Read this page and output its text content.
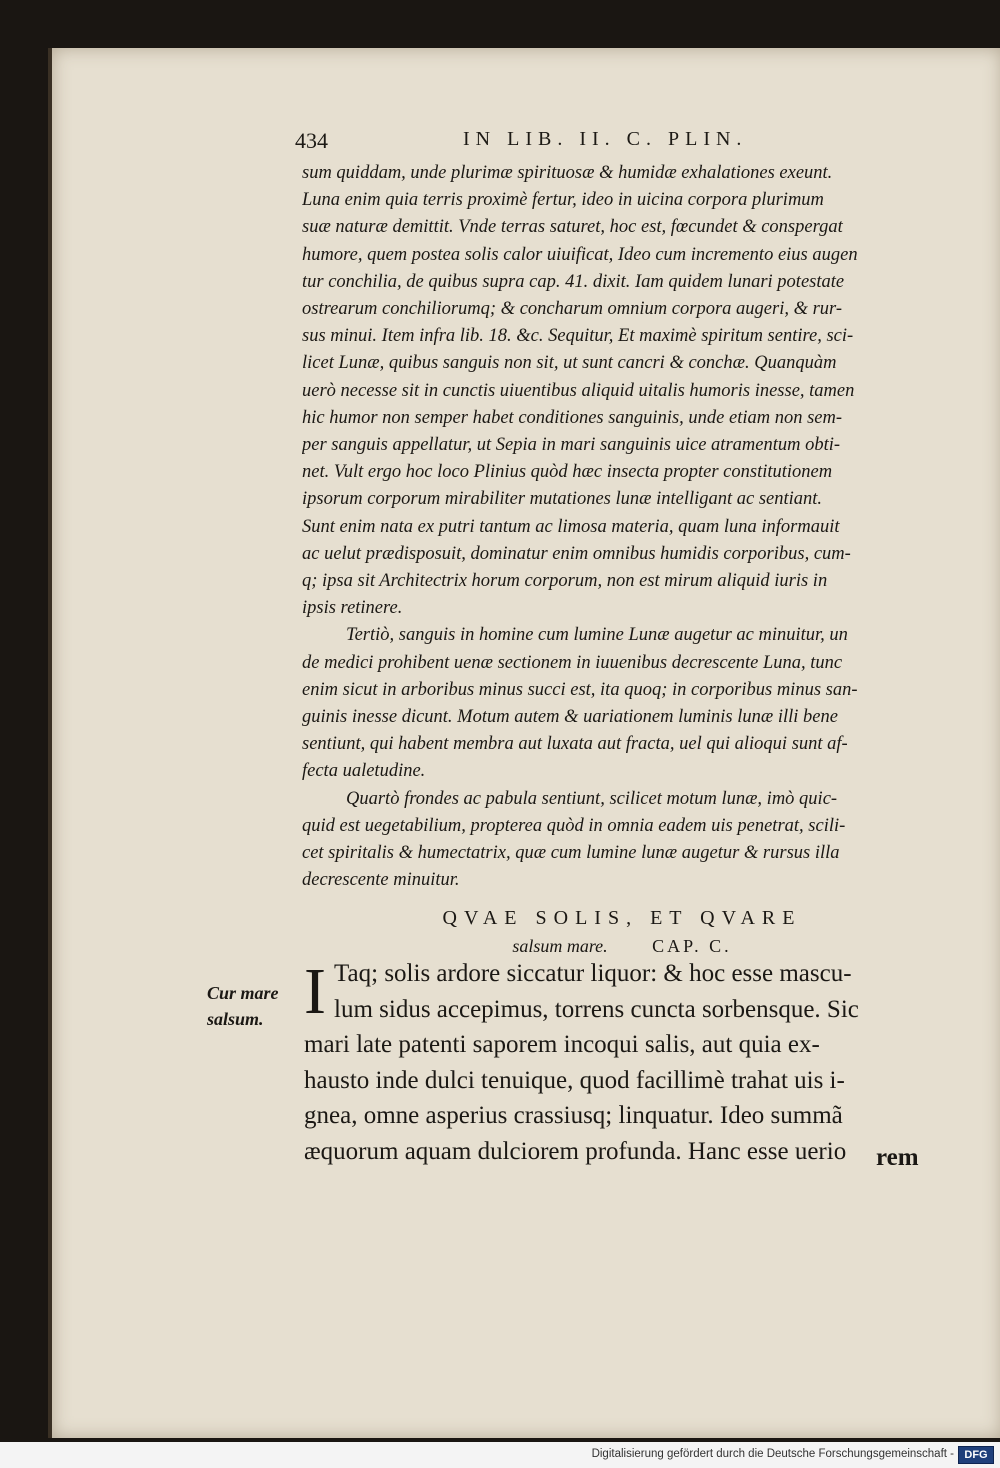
434	IN LIB. II. C. PLIN.
sum quiddam, unde plurimæ spirituosæ & humidæ exhalationes exeunt.
Luna enim quia terris proximè fertur, ideo in uicina corpora plurimum
suæ naturæ demittit. Vnde terras saturet, hoc est, fœcundet & conspergat
humore, quem postea solis calor uiuificat, Ideo cum incremento eius augen
tur conchilia, de quibus supra cap. 41. dixit. Iam quidem lunari potestate
ostrearum conchiliorumq; & concharum omnium corpora augeri, & rur-
sus minui. Item infra lib. 18. &c. Sequitur, Et maximè spiritum sentire, sci-
licet Lunæ, quibus sanguis non sit, ut sunt cancri & conchæ. Quanquàm
uerò necesse sit in cunctis uiuentibus aliquid uitalis humoris inesse, tamen
hic humor non semper habet conditiones sanguinis, unde etiam non sem-
per sanguis appellatur, ut Sepia in mari sanguinis uice atramentum obti-
net. Vult ergo hoc loco Plinius quòd hæc insecta propter constitutionem
ipsorum corporum mirabiliter mutationes lunæ intelligant ac sentiant.
Sunt enim nata ex putri tantum ac limosa materia, quam luna informauit
ac uelut prædisposuit, dominatur enim omnibus humidis corporibus, cum-
q; ipsa sit Architectrix horum corporum, non est mirum aliquid iuris in
ipsis retinere.
Tertiò, sanguis in homine cum lumine Lunæ augetur ac minuitur, un
de medici prohibent uenæ sectionem in iuuenibus decrescente Luna, tunc
enim sicut in arboribus minus succi est, ita quoq; in corporibus minus san-
guinis inesse dicunt. Motum autem & uariationem luminis lunæ illi bene
sentiunt, qui habent membra aut luxata aut fracta, uel qui alioqui sunt af-
fecta ualetudine.
Quartò frondes ac pabula sentiunt, scilicet motum lunæ, imò quic-
quid est uegetabilium, propterea quòd in omnia eadem uis penetrat, scili-
cet spiritalis & humectatrix, quæ cum lumine lunæ augetur & rursus illa
decrescente minuitur.
QVAE SOLIS, ET QVARE
salsum mare. CAP. C.
Cur mare salsum. I Taq; solis ardore siccatur liquor: & hoc esse mascu-
lum sidus accepimus, torrens cuncta sorbensque. Sic
mari late patenti saporem incoqui salis, aut quia ex-
hausto inde dulci tenuique, quod facillimè trahat uis i-
gnea, omne asperius crassiusq; linquatur. Ideo summã
æquorum aquam dulciorem profunda. Hanc esse uerio	rem
Digitalisierung gefördert durch die Deutsche Forschungsgemeinschaft - DFG
